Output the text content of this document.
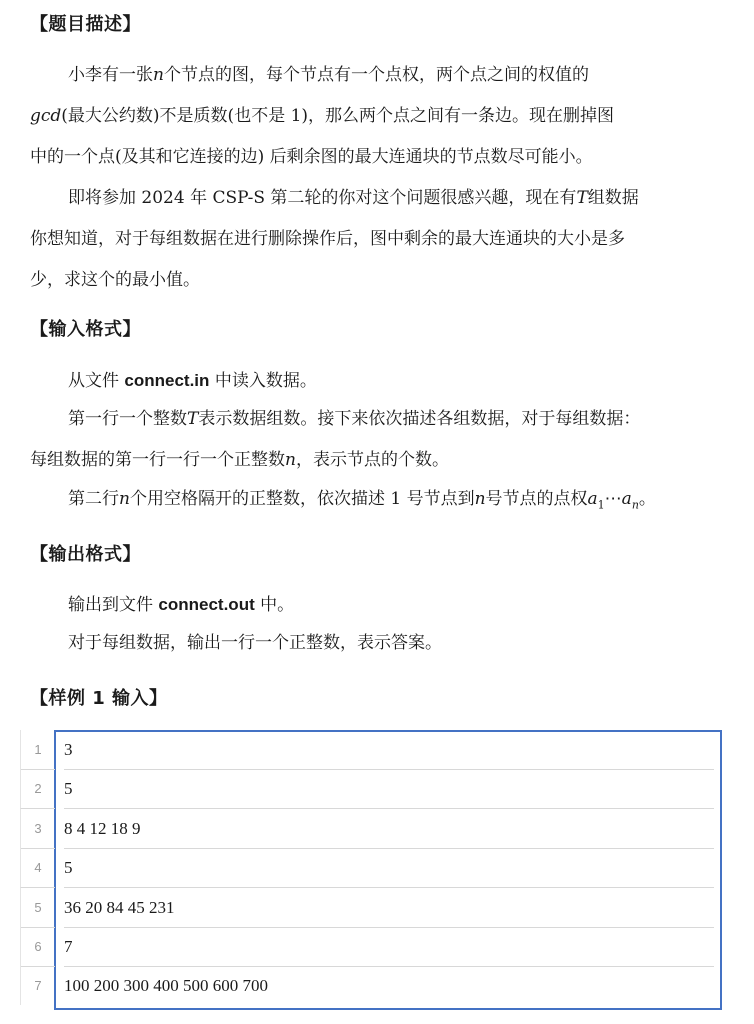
【题目描述】
小李有一张n个节点的图，每个节点有一个点权，两个点之间的权值的
gcd(最大公约数)不是质数(也不是 1)，那么两个点之间有一条边。现在删掉图
中的一个点(及其和它连接的边) 后剩余图的最大连通块的节点数尽可能小。
即将参加 2024 年 CSP-S 第二轮的你对这个问题很感兴趣，现在有T组数据
你想知道，对于每组数据在进行删除操作后，图中剩余的最大连通块的大小是多
少，求这个的最小值。
【输入格式】
从文件 connect.in 中读入数据。
第一行一个整数T表示数据组数。接下来依次描述各组数据，对于每组数据：
每组数据的第一行一行一个正整数n，表示节点的个数。
第二行n个用空格隔开的正整数，依次描述 1 号节点到n号节点的点权$a_1\cdots a_n$。
【输出格式】
输出到文件 connect.out 中。
对于每组数据，输出一行一个正整数，表示答案。
【样例 1 输入】
1	3
2	5
3	8 4 12 18 9
4	5
5	36 20 84 45 231
6	7
7	100 200 300 400 500 600 700
